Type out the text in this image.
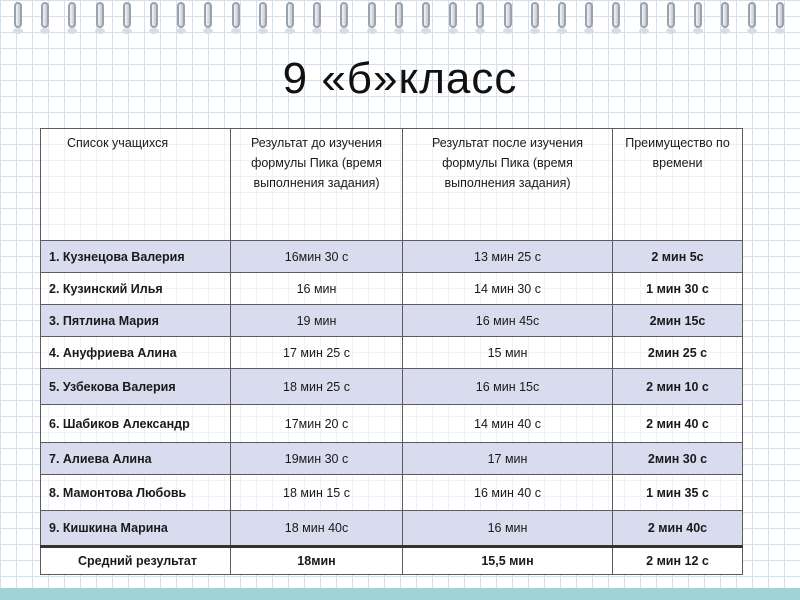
9 «б»класс
Список учащихся	Результат до изучения формулы Пика (время выполнения задания)	Результат после изучения формулы Пика (время выполнения задания)	Преимущество по времени
1. Кузнецова Валерия	16мин 30 с	13 мин 25 с	2 мин 5с
2. Кузинский Илья	16 мин	14 мин 30 с	1 мин 30 с
3. Пятлина Мария	19 мин	16 мин 45с	2мин 15с
4. Ануфриева Алина	17 мин 25 с	15 мин	2мин 25 с
5. Узбекова Валерия	18 мин 25 с	16 мин 15с	2 мин 10 с
6. Шабиков Александр	17мин 20 с	14 мин 40 с	2 мин 40 с
7. Алиева Алина	19мин 30 с	17 мин	2мин 30 с
8. Мамонтова Любовь	18 мин 15 с	16 мин 40 с	1 мин 35 с
9. Кишкина Марина	18 мин 40с	16 мин	2 мин 40с
Средний результат	18мин	15,5 мин	2 мин 12 с
